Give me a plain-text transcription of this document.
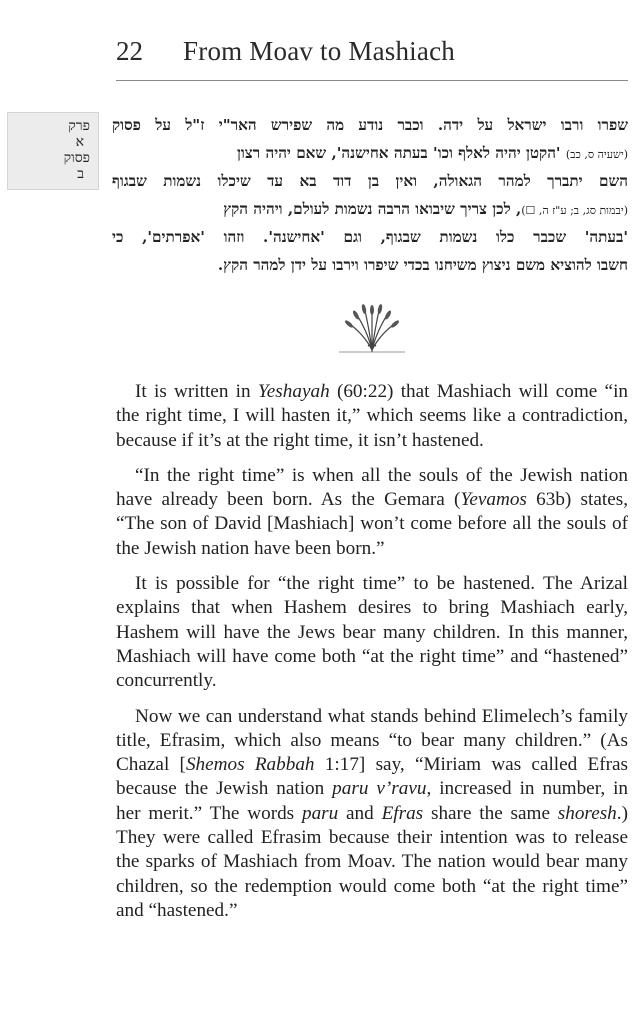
22	From Moav to Mashiach
פרק
א
פסוק
ב
שפרו ורבו ישראל על ידה. וכבר נודע מה שפירש האר"י ז"ל על פסוק
(ישעיה ס, כב) 'הקטן יהיה לאלף וכו' בעתה אחישנה', שאם יהיה רצון
השם יתברך למהר הגאולה, ואין בן דוד בא עד שיכלו נשמות שבגוף
(יבמות סג, ב; ע"ז ה, ☐), לכן צריך שיבואו הרבה נשמות לעולם, ויהיה הקץ
'בעתה' שכבר כלו נשמות שבגוף, וגם 'אחישנה'. וזהו 'אפרתים', כי
חשבו להוציא משם ניצוץ משיחנו בכדי שיפרו וירבו על ידן למהר הקץ.

It is written in Yeshayah (60:22) that Mashiach will come “in the right time, I will hasten it,” which seems like a contradiction, because if it’s at the right time, it isn’t hastened.

“In the right time” is when all the souls of the Jewish nation have already been born. As the Gemara (Yevamos 63b) states, “The son of David [Mashiach] won’t come before all the souls of the Jewish nation have been born.”

It is possible for “the right time” to be hastened. The Arizal explains that when Hashem desires to bring Mashiach early, Hashem will have the Jews bear many children. In this manner, Mashiach will have come both “at the right time” and “hastened” concurrently.

Now we can understand what stands behind Elimelech’s family title, Efrasim, which also means “to bear many children.” (As Chazal [Shemos Rabbah 1:17] say, “Miriam was called Efras because the Jewish nation paru v’ravu, increased in number, in her merit.” The words paru and Efras share the same shoresh.) They were called Efrasim because their intention was to release the sparks of Mashiach from Moav. The nation would bear many children, so the redemption would come both “at the right time” and “hastened.”
